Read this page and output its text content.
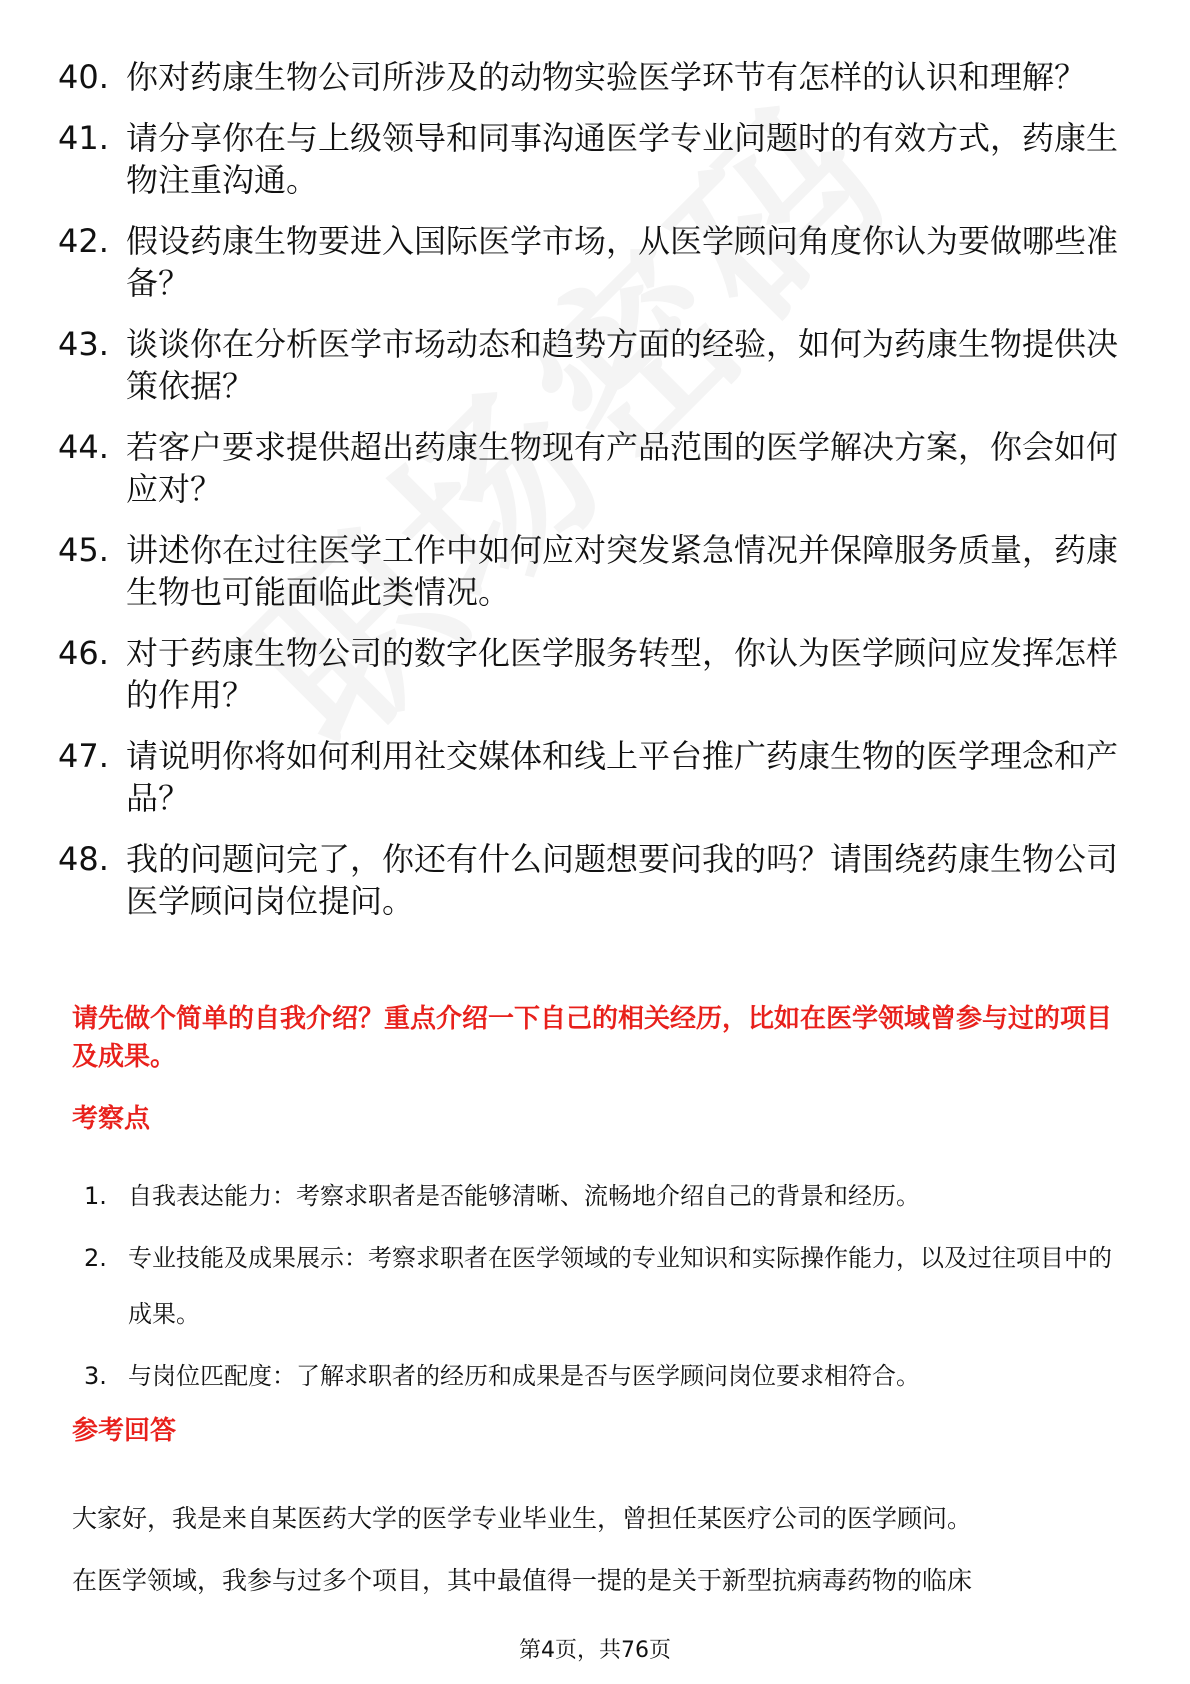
40. 你对药康生物公司所涉及的动物实验医学环节有怎样的认识和理解？
41. 请分享你在与上级领导和同事沟通医学专业问题时的有效方式，药康生物注重沟通。
42. 假设药康生物要进入国际医学市场，从医学顾问角度你认为要做哪些准备？
43. 谈谈你在分析医学市场动态和趋势方面的经验，如何为药康生物提供决策依据？
44. 若客户要求提供超出药康生物现有产品范围的医学解决方案，你会如何应对？
45. 讲述你在过往医学工作中如何应对突发紧急情况并保障服务质量，药康生物也可能面临此类情况。
46. 对于药康生物公司的数字化医学服务转型，你认为医学顾问应发挥怎样的作用？
47. 请说明你将如何利用社交媒体和线上平台推广药康生物的医学理念和产品？
48. 我的问题问完了，你还有什么问题想要问我的吗？请围绕药康生物公司医学顾问岗位提问。
请先做个简单的自我介绍？重点介绍一下自己的相关经历，比如在医学领域曾参与过的项目及成果。
考察点
1. 自我表达能力：考察求职者是否能够清晰、流畅地介绍自己的背景和经历。
2. 专业技能及成果展示：考察求职者在医学领域的专业知识和实际操作能力，以及过往项目中的成果。
3. 与岗位匹配度：了解求职者的经历和成果是否与医学顾问岗位要求相符合。
参考回答

大家好，我是来自某医药大学的医学专业毕业生，曾担任某医疗公司的医学顾问。

在医学领域，我参与过多个项目，其中最值得一提的是关于新型抗病毒药物的临床

第4页，共76页
